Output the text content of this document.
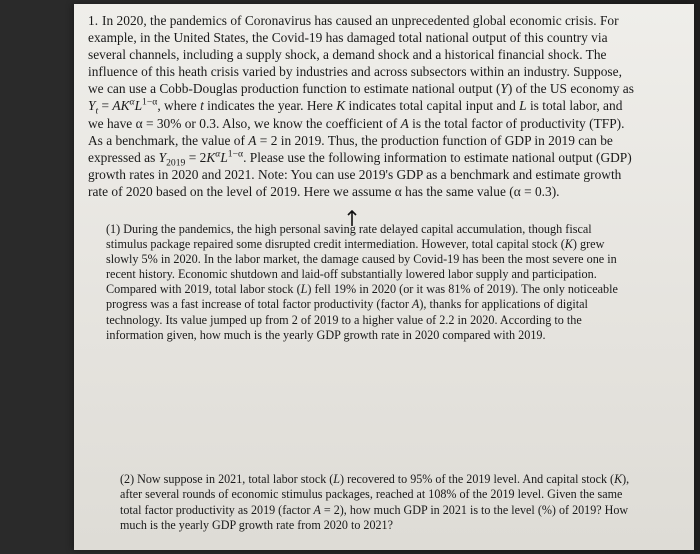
1. In 2020, the pandemics of Coronavirus has caused an unprecedented global economic crisis. For example, in the United States, the Covid-19 has damaged total national output of this country via several channels, including a supply shock, a demand shock and a historical financial shock. The influence of this heath crisis varied by industries and across subsectors within an industry. Suppose, we can use a Cobb-Douglas production function to estimate national output (Y) of the US economy as $Y_t = AK^\alpha L^{1-\alpha}$, where t indicates the year. Here K indicates total capital input and L is total labor, and we have α = 30% or 0.3. Also, we know the coefficient of A is the total factor of productivity (TFP). As a benchmark, the value of A = 2 in 2019. Thus, the production function of GDP in 2019 can be expressed as $Y_{2019} = 2K^\alpha L^{1-\alpha}$. Please use the following information to estimate national output (GDP) growth rates in 2020 and 2021. Note: You can use 2019's GDP as a benchmark and estimate growth rate of 2020 based on the level of 2019. Here we assume α has the same value (α = 0.3).

(1) During the pandemics, the high personal saving rate delayed capital accumulation, though fiscal stimulus package repaired some disrupted credit intermediation. However, total capital stock (K) grew slowly 5% in 2020. In the labor market, the damage caused by Covid-19 has been the most severe one in recent history. Economic shutdown and laid-off substantially lowered labor supply and participation. Compared with 2019, total labor stock (L) fell 19% in 2020 (or it was 81% of 2019). The only noticeable progress was a fast increase of total factor productivity (factor A), thanks for applications of digital technology. Its value jumped up from 2 of 2019 to a higher value of 2.2 in 2020. According to the information given, how much is the yearly GDP growth rate in 2020 compared with 2019.

(2) Now suppose in 2021, total labor stock (L) recovered to 95% of the 2019 level. And capital stock (K), after several rounds of economic stimulus packages, reached at 108% of the 2019 level. Given the same total factor productivity as 2019 (factor A = 2), how much GDP in 2021 is to the level (%) of 2019? How much is the yearly GDP growth rate from 2020 to 2021?
